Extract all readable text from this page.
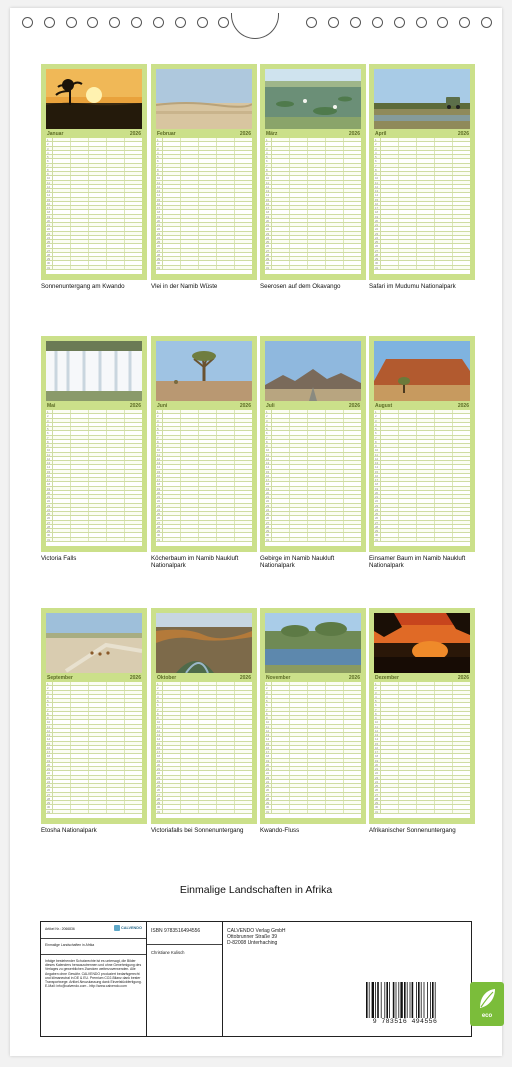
Januar	2026
1
2
3
4
5
6
7
8
9
10
11
12
13
14
15
16
17
18
19
20
21
22
23
24
25
26
27
28
29
30
31
Sonnenuntergang am Kwando
Februar	2026
1
2
3
4
5
6
7
8
9
10
11
12
13
14
15
16
17
18
19
20
21
22
23
24
25
26
27
28
29
30
31
Vlei in der Namib Wüste
März	2026
1
2
3
4
5
6
7
8
9
10
11
12
13
14
15
16
17
18
19
20
21
22
23
24
25
26
27
28
29
30
31
Seerosen auf dem Okavango
April	2026
1
2
3
4
5
6
7
8
9
10
11
12
13
14
15
16
17
18
19
20
21
22
23
24
25
26
27
28
29
30
31
Safari im Mudumu Nationalpark
Mai	2026
1
2
3
4
5
6
7
8
9
10
11
12
13
14
15
16
17
18
19
20
21
22
23
24
25
26
27
28
29
30
31
Victoria Falls
Juni	2026
1
2
3
4
5
6
7
8
9
10
11
12
13
14
15
16
17
18
19
20
21
22
23
24
25
26
27
28
29
30
31
Köcherbaum im Namib Naukluft Nationalpark
Juli	2026
1
2
3
4
5
6
7
8
9
10
11
12
13
14
15
16
17
18
19
20
21
22
23
24
25
26
27
28
29
30
31
Gebirge im Namib Naukluft Nationalpark
August	2026
1
2
3
4
5
6
7
8
9
10
11
12
13
14
15
16
17
18
19
20
21
22
23
24
25
26
27
28
29
30
31
Einsamer Baum im Namib Naukluft Nationalpark
September	2026
1
2
3
4
5
6
7
8
9
10
11
12
13
14
15
16
17
18
19
20
21
22
23
24
25
26
27
28
29
30
31
Etosha Nationalpark
Oktober	2026
1
2
3
4
5
6
7
8
9
10
11
12
13
14
15
16
17
18
19
20
21
22
23
24
25
26
27
28
29
30
31
Victoriafalls bei Sonnenuntergang
November	2026
1
2
3
4
5
6
7
8
9
10
11
12
13
14
15
16
17
18
19
20
21
22
23
24
25
26
27
28
29
30
31
Kwando-Fluss
Dezember	2026
1
2
3
4
5
6
7
8
9
10
11
12
13
14
15
16
17
18
19
20
21
22
23
24
25
26
27
28
29
30
31
Afrikanischer Sonnenuntergang
Einmalige Landschaften in Afrika
Artikel Nr.: 2066836	CALVENDO
Einmalige Landschaften in Afrika
Infolge bestehender Schutzrechte ist es untersagt, die Bilder dieses Kalenders herauszutrennen und ohne Genehmigung des Verlages zu gewerblichen Zwecken weiterzuverwenden. Alle Angaben ohne Gewähr. CALVENDO produziert bedarfsgerecht und klimaneutral in DE & EU. Premium CO2-Bilanz dank bester Transportwege. Artikel-Neuzulassung dank Einzelstückfertigung. E-Mail: info@calvendo.com - http://www.calvendo.com
ISBN 9783516494556
Christiane Kulisch
CALVENDO Verlag GmbH
Ottobrunner Straße 39
D-82008 Unterhaching
9 783516 494556
eco
